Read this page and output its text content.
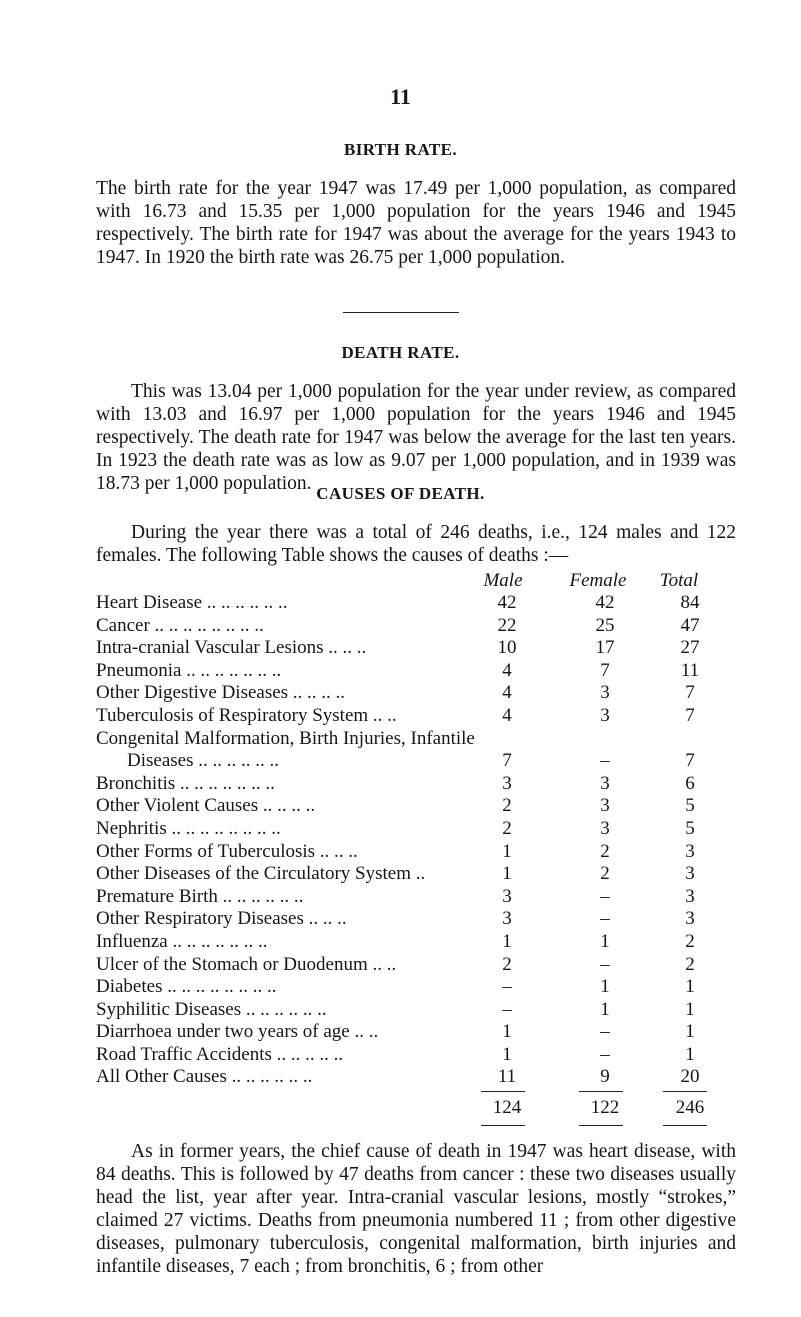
11
BIRTH RATE.

The birth rate for the year 1947 was 17.49 per 1,000 population, as compared with 16.73 and 15.35 per 1,000 population for the years 1946 and 1945 respectively. The birth rate for 1947 was about the average for the years 1943 to 1947. In 1920 the birth rate was 26.75 per 1,000 population.

DEATH RATE.

This was 13.04 per 1,000 population for the year under review, as compared with 13.03 and 16.97 per 1,000 population for the years 1946 and 1945 respectively. The death rate for 1947 was below the average for the last ten years. In 1923 the death rate was as low as 9.07 per 1,000 population, and in 1939 was 18.73 per 1,000 population. CAUSES OF DEATH.

During the year there was a total of 246 deaths, i.e., 124 males and 122 females. The following Table shows the causes of deaths :—

Male	Female	Total
Heart Disease .. .. .. .. .. ..	42	42	84
Cancer .. .. .. .. .. .. .. ..	22	25	47
Intra-cranial Vascular Lesions .. .. ..	10	17	27
Pneumonia .. .. .. .. .. .. ..	4	7	11
Other Digestive Diseases .. .. .. ..	4	3	7
Tuberculosis of Respiratory System .. ..	4	3	7
Congenital Malformation, Birth Injuries, Infantile
Diseases .. .. .. .. .. ..	7	–	7
Bronchitis .. .. .. .. .. .. ..	3	3	6
Other Violent Causes .. .. .. ..	2	3	5
Nephritis .. .. .. .. .. .. .. ..	2	3	5
Other Forms of Tuberculosis .. .. ..	1	2	3
Other Diseases of the Circulatory System ..	1	2	3
Premature Birth .. .. .. .. .. ..	3	–	3
Other Respiratory Diseases .. .. ..	3	–	3
Influenza .. .. .. .. .. .. ..	1	1	2
Ulcer of the Stomach or Duodenum .. ..	2	–	2
Diabetes .. .. .. .. .. .. .. ..	–	1	1
Syphilitic Diseases .. .. .. .. .. ..	–	1	1
Diarrhoea under two years of age .. ..	1	–	1
Road Traffic Accidents .. .. .. .. ..	1	–	1
All Other Causes .. .. .. .. .. ..	11	9	20
124	122	246

As in former years, the chief cause of death in 1947 was heart disease, with 84 deaths. This is followed by 47 deaths from cancer : these two diseases usually head the list, year after year. Intra-cranial vascular lesions, mostly “strokes,” claimed 27 victims. Deaths from pneumonia numbered 11 ; from other digestive diseases, pulmonary tuberculosis, congenital malformation, birth injuries and infantile diseases, 7 each ; from bronchitis, 6 ; from other
